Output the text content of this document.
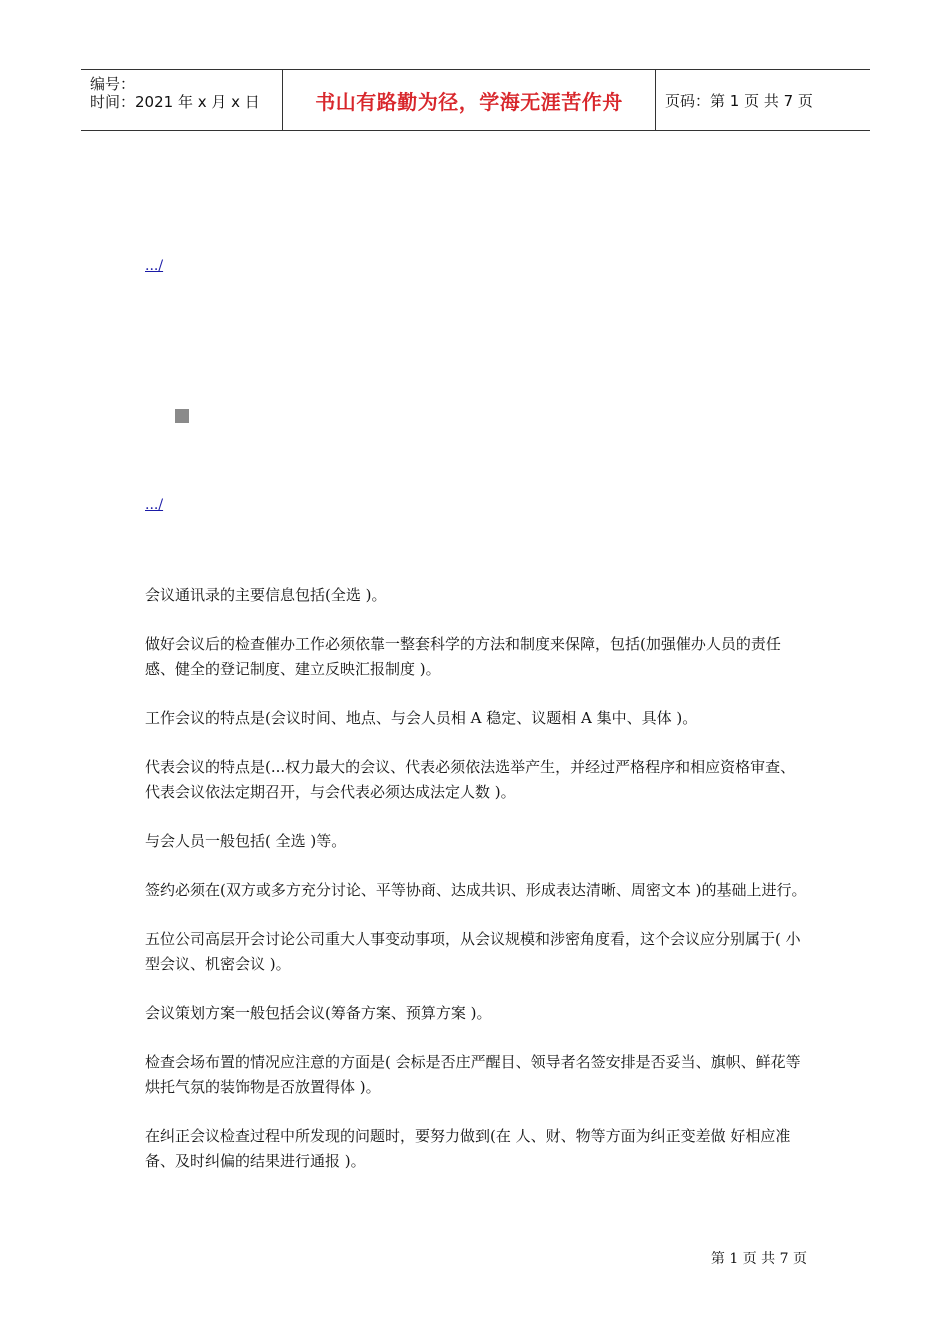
编号：
时间：2021 年 x 月 x 日	书山有路勤为径，学海无涯苦作舟	页码：第 1 页 共 7 页
.../
.../

会议通讯录的主要信息包括(全选 )。

做好会议后的检查催办工作必须依靠一整套科学的方法和制度来保障，包括(加强催办人员的责任感、健全的登记制度、建立反映汇报制度 )。

工作会议的特点是(会议时间、地点、与会人员相 A 稳定、议题相 A 集中、具体 )。

代表会议的特点是(...权力最大的会议、代表必须依法选举产生，并经过严格程序和相应资格审查、代表会议依法定期召开，与会代表必须达成法定人数 )。

与会人员一般包括( 全选 )等。

签约必须在(双方或多方充分讨论、平等协商、达成共识、形成表达清晰、周密文本 )的基础上进行。

五位公司高层开会讨论公司重大人事变动事项，从会议规模和涉密角度看，这个会议应分别属于( 小型会议、机密会议 )。

会议策划方案一般包括会议(筹备方案、预算方案 )。

检查会场布置的情况应注意的方面是( 会标是否庄严醒目、领导者名签安排是否妥当、旗帜、鲜花等烘托气氛的装饰物是否放置得体 )。

在纠正会议检查过程中所发现的问题时，要努力做到(在 人、财、物等方面为纠正变差做 好相应准备、及时纠偏的结果进行通报 )。

第 1 页 共 7 页
